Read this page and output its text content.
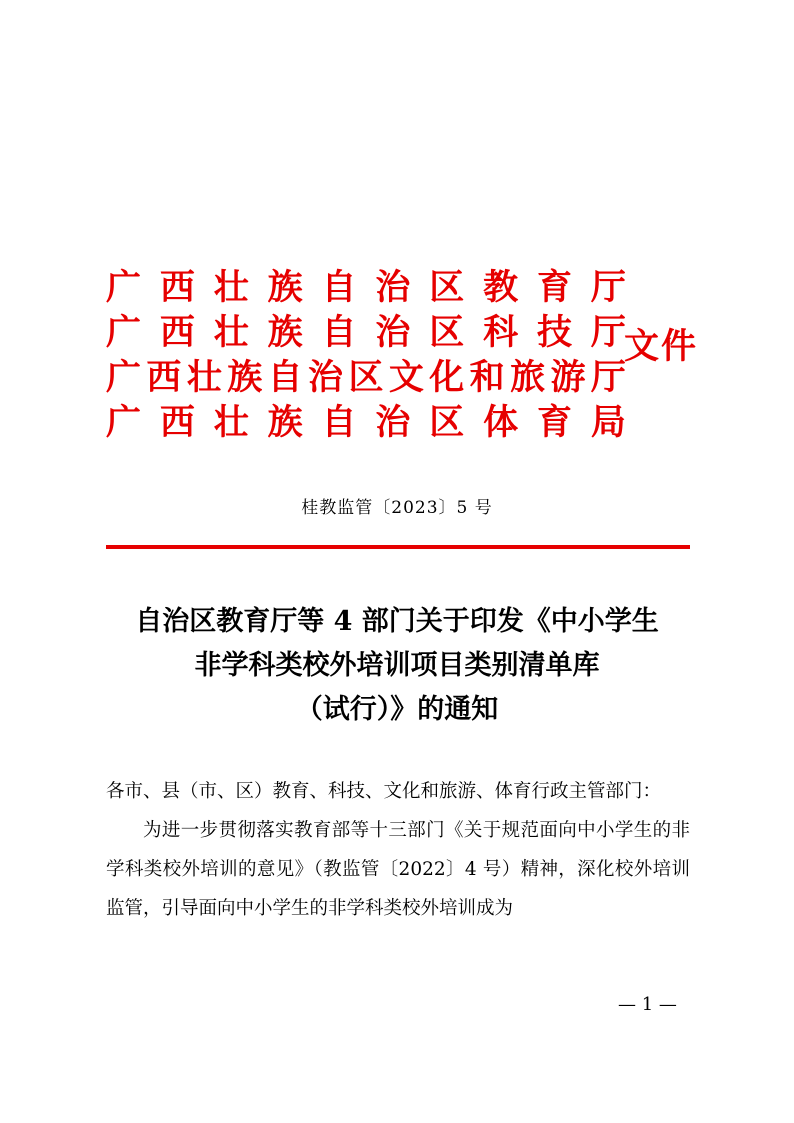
广 西 壮 族 自 治 区 教 育 厅
广 西 壮 族 自 治 区 科 技 厅
广 西 壮 族 自 治 区 文 化 和 旅 游 厅
广 西 壮 族 自 治 区 体 育 局
文件
桂教监管〔2023〕5 号
自治区教育厅等 4 部门关于印发《中小学生
非学科类校外培训项目类别清单库
（试行）》的通知

各市、县（市、区）教育、科技、文化和旅游、体育行政主管部门：

为进一步贯彻落实教育部等十三部门《关于规范面向中小学生的非学科类校外培训的意见》（教监管〔2022〕4 号）精神，深化校外培训监管，引导面向中小学生的非学科类校外培训成为

— 1 —
